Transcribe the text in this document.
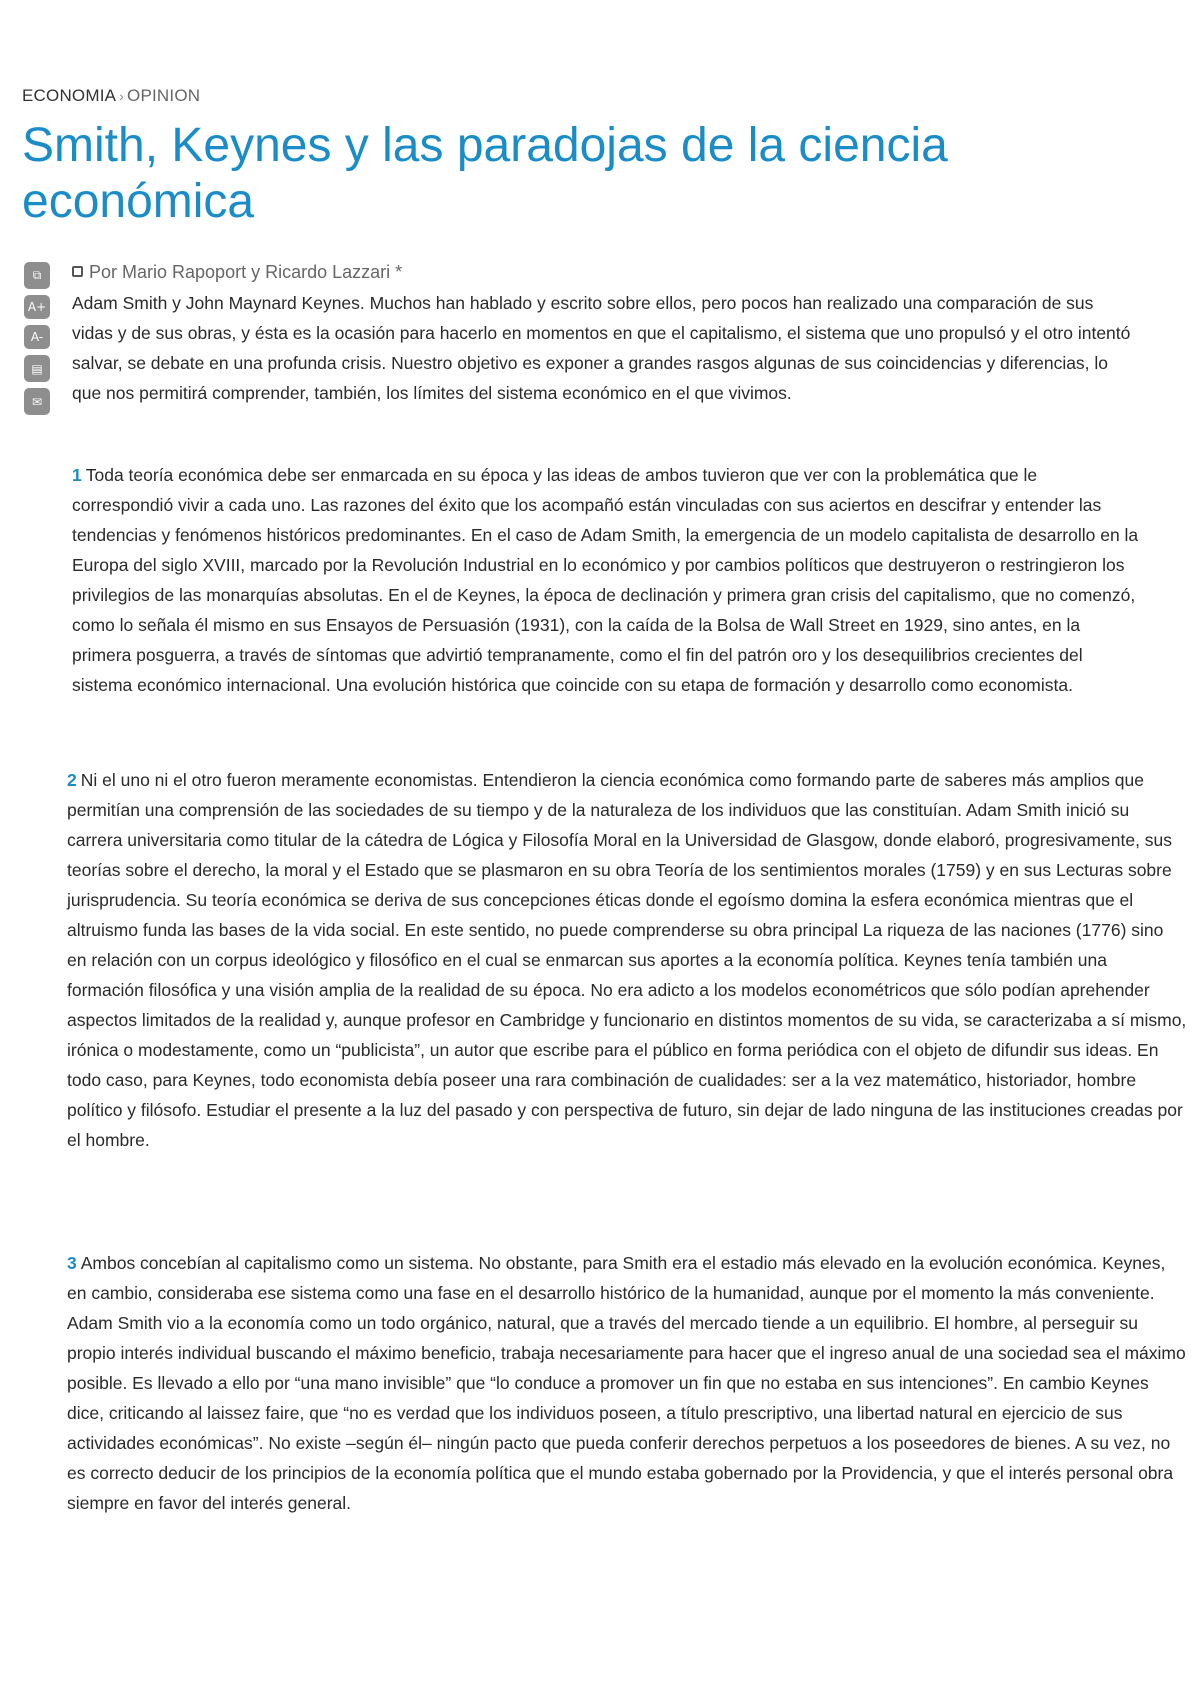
ECONOMIA › OPINION
Smith, Keynes y las paradojas de la ciencia económica
⧉
A+
A-
▤
✉
Por Mario Rapoport y Ricardo Lazzari *

Adam Smith y John Maynard Keynes. Muchos han hablado y escrito sobre ellos, pero pocos han realizado una comparación de sus vidas y de sus obras, y ésta es la ocasión para hacerlo en momentos en que el capitalismo, el sistema que uno propulsó y el otro intentó salvar, se debate en una profunda crisis. Nuestro objetivo es exponer a grandes rasgos algunas de sus coincidencias y diferencias, lo que nos permitirá comprender, también, los límites del sistema económico en el que vivimos.

1 Toda teoría económica debe ser enmarcada en su época y las ideas de ambos tuvieron que ver con la problemática que le correspondió vivir a cada uno. Las razones del éxito que los acompañó están vinculadas con sus aciertos en descifrar y entender las tendencias y fenómenos históricos predominantes. En el caso de Adam Smith, la emergencia de un modelo capitalista de desarrollo en la Europa del siglo XVIII, marcado por la Revolución Industrial en lo económico y por cambios políticos que destruyeron o restringieron los privilegios de las monarquías absolutas. En el de Keynes, la época de declinación y primera gran crisis del capitalismo, que no comenzó, como lo señala él mismo en sus Ensayos de Persuasión (1931), con la caída de la Bolsa de Wall Street en 1929, sino antes, en la primera posguerra, a través de síntomas que advirtió tempranamente, como el fin del patrón oro y los desequilibrios crecientes del sistema económico internacional. Una evolución histórica que coincide con su etapa de formación y desarrollo como economista.

2 Ni el uno ni el otro fueron meramente economistas. Entendieron la ciencia económica como formando parte de saberes más amplios que permitían una comprensión de las sociedades de su tiempo y de la naturaleza de los individuos que las constituían. Adam Smith inició su carrera universitaria como titular de la cátedra de Lógica y Filosofía Moral en la Universidad de Glasgow, donde elaboró, progresivamente, sus teorías sobre el derecho, la moral y el Estado que se plasmaron en su obra Teoría de los sentimientos morales (1759) y en sus Lecturas sobre jurisprudencia. Su teoría económica se deriva de sus concepciones éticas donde el egoísmo domina la esfera económica mientras que el altruismo funda las bases de la vida social. En este sentido, no puede comprenderse su obra principal La riqueza de las naciones (1776) sino en relación con un corpus ideológico y filosófico en el cual se enmarcan sus aportes a la economía política. Keynes tenía también una formación filosófica y una visión amplia de la realidad de su época. No era adicto a los modelos econométricos que sólo podían aprehender aspectos limitados de la realidad y, aunque profesor en Cambridge y funcionario en distintos momentos de su vida, se caracterizaba a sí mismo, irónica o modestamente, como un “publicista”, un autor que escribe para el público en forma periódica con el objeto de difundir sus ideas. En todo caso, para Keynes, todo economista debía poseer una rara combinación de cualidades: ser a la vez matemático, historiador, hombre político y filósofo. Estudiar el presente a la luz del pasado y con perspectiva de futuro, sin dejar de lado ninguna de las instituciones creadas por el hombre.

3 Ambos concebían al capitalismo como un sistema. No obstante, para Smith era el estadio más elevado en la evolución económica. Keynes, en cambio, consideraba ese sistema como una fase en el desarrollo histórico de la humanidad, aunque por el momento la más conveniente. Adam Smith vio a la economía como un todo orgánico, natural, que a través del mercado tiende a un equilibrio. El hombre, al perseguir su propio interés individual buscando el máximo beneficio, trabaja necesariamente para hacer que el ingreso anual de una sociedad sea el máximo posible. Es llevado a ello por “una mano invisible” que “lo conduce a promover un fin que no estaba en sus intenciones”. En cambio Keynes dice, criticando al laissez faire, que “no es verdad que los individuos poseen, a título prescriptivo, una libertad natural en ejercicio de sus actividades económicas”. No existe –según él– ningún pacto que pueda conferir derechos perpetuos a los poseedores de bienes. A su vez, no es correcto deducir de los principios de la economía política que el mundo estaba gobernado por la Providencia, y que el interés personal obra siempre en favor del interés general.
